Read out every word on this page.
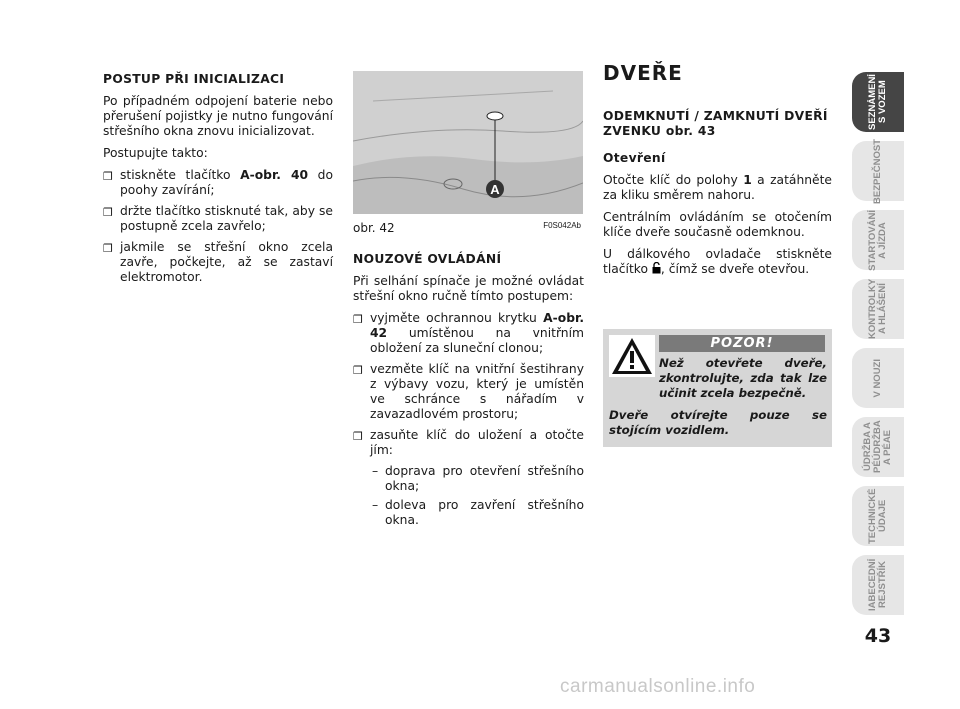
POSTUP PŘI INICIALIZACI

Po případném odpojení baterie nebo přerušení pojistky je nutno fungování střešního okna znovu inicializovat.

Postupujte takto:

❒ stiskněte tlačítko A-obr. 40 do poohy zavírání;
❒ držte tlačítko stisknuté tak, aby se postupně zcela zavřelo;
❒ jakmile se střešní okno zcela zavře, počkejte, až se zastaví elektromotor.
A
obr. 42	F0S042Ab

NOUZOVÉ OVLÁDÁNÍ

Při selhání spínače je možné ovládat střešní okno ručně tímto postupem:

❒ vyjměte ochrannou krytku A-obr. 42 umístěnou na vnitřním obložení za sluneční clonou;
❒ vezměte klíč na vnitřní šestihrany z výbavy vozu, který je umístěn ve schránce s nářadím v zavazadlovém prostoru;
❒ zasuňte klíč do uložení a otočte jím:
– doprava pro otevření střešního okna;
– doleva pro zavření střešního okna.
DVEŘE

ODEMKNUTÍ / ZAMKNUTÍ DVEŘÍ ZVENKU obr. 43

Otevření

Otočte klíč do polohy 1 a zatáhněte za kliku směrem nahoru.

Centrálním ovládáním se otočením klíče dveře současně odemknou.

U dálkového ovladače stiskněte tlačítko , čímž se dveře otevřou.

POZOR!
Než otevřete dveře, zkontrolujte, zda tak lze učinit zcela bezpečně.
Dveře otvírejte pouze se stojícím vozidlem.
SEZNÁMENÍ S VOZEM
BEZPEČNOST
STARTOVÁNÍ A JÍZDA
KONTROLKY A HLÁŠENÍ
V NOUZI
ÚDRŽBA A PÉÚDRŽBA A PÉAE
TECHNICKÉ ÚDAJE
IABECEDNÍ REJSTŘÍK
43
carmanualsonline.info
